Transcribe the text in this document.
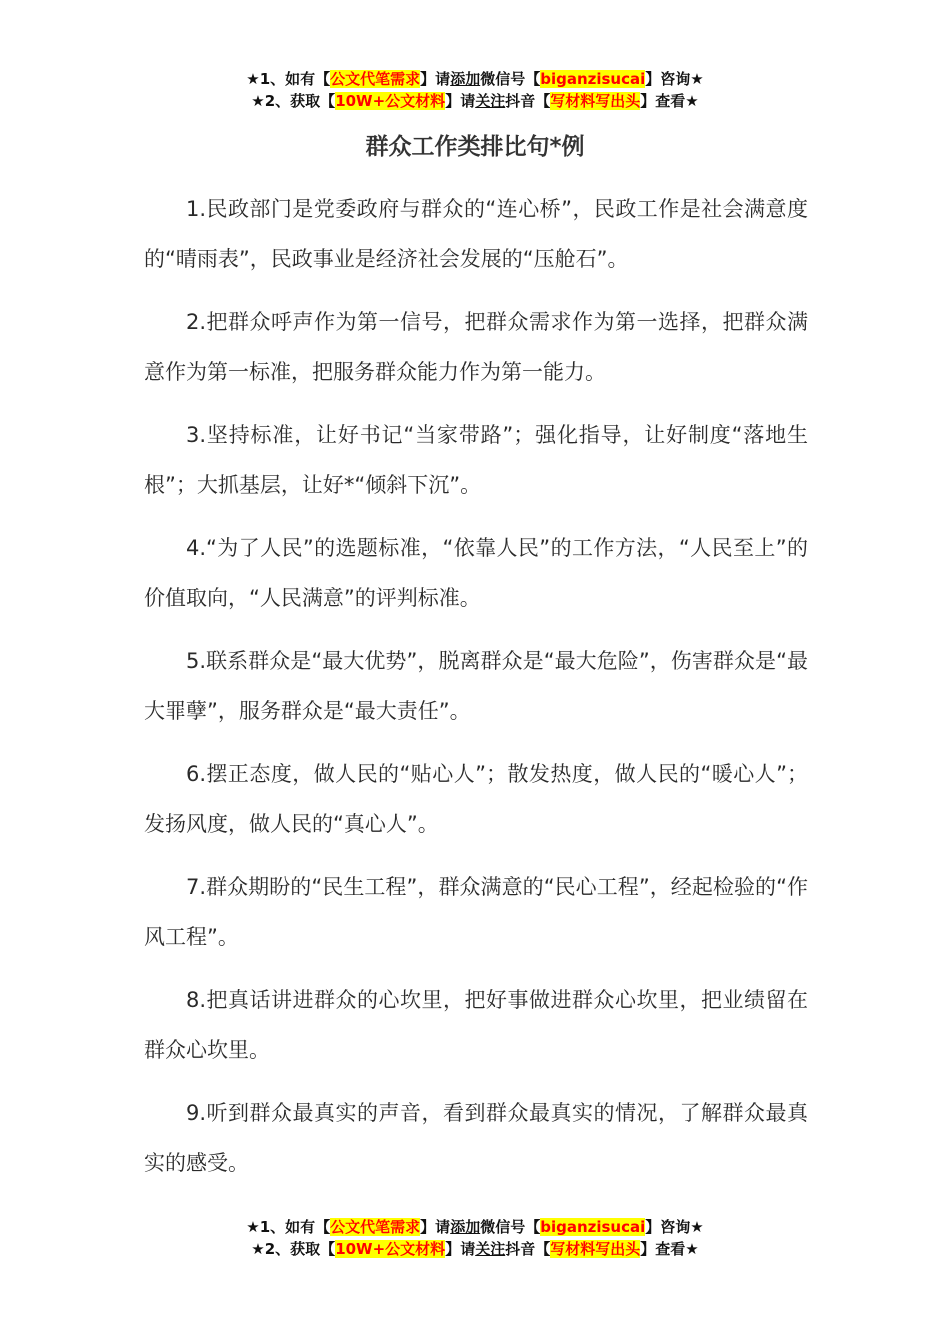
★1、如有【公文代笔需求】请添加微信号【biganzisucai】咨询★
★2、获取【10W+公文材料】请关注抖音【写材料写出头】查看★
群众工作类排比句*例

1.民政部门是党委政府与群众的“连心桥”，民政工作是社会满意度的“晴雨表”，民政事业是经济社会发展的“压舱石”。

2.把群众呼声作为第一信号，把群众需求作为第一选择，把群众满意作为第一标准，把服务群众能力作为第一能力。

3.坚持标准，让好书记“当家带路”；强化指导，让好制度“落地生根”；大抓基层，让好*“倾斜下沉”。

4.“为了人民”的选题标准，“依靠人民”的工作方法，“人民至上”的价值取向，“人民满意”的评判标准。

5.联系群众是“最大优势”，脱离群众是“最大危险”，伤害群众是“最大罪孽”，服务群众是“最大责任”。

6.摆正态度，做人民的“贴心人”；散发热度，做人民的“暖心人”；发扬风度，做人民的“真心人”。

7.群众期盼的“民生工程”，群众满意的“民心工程”，经起检验的“作风工程”。

8.把真话讲进群众的心坎里，把好事做进群众心坎里，把业绩留在群众心坎里。

9.听到群众最真实的声音，看到群众最真实的情况，了解群众最真实的感受。

★1、如有【公文代笔需求】请添加微信号【biganzisucai】咨询★
★2、获取【10W+公文材料】请关注抖音【写材料写出头】查看★
